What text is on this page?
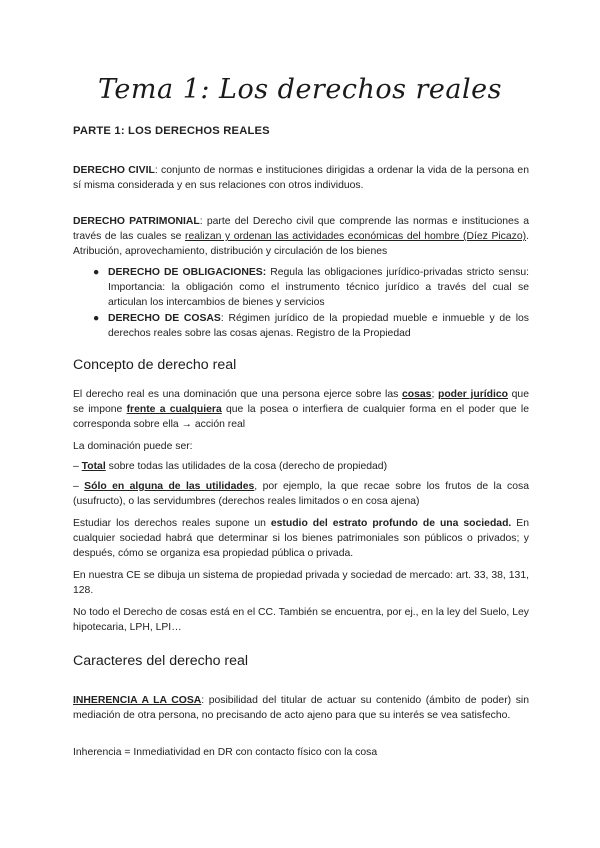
Tema 1: Los derechos reales
PARTE 1: LOS DERECHOS REALES
DERECHO CIVIL: conjunto de normas e instituciones dirigidas a ordenar la vida de la persona en sí misma considerada y en sus relaciones con otros individuos.
DERECHO PATRIMONIAL: parte del Derecho civil que comprende las normas e instituciones a través de las cuales se realizan y ordenan las actividades económicas del hombre (Díez Picazo). Atribución, aprovechamiento, distribución y circulación de los bienes
● DERECHO DE OBLIGACIONES: Regula las obligaciones jurídico-privadas stricto sensu: Importancia: la obligación como el instrumento técnico jurídico a través del cual se articulan los intercambios de bienes y servicios
● DERECHO DE COSAS: Régimen jurídico de la propiedad mueble e inmueble y de los derechos reales sobre las cosas ajenas. Registro de la Propiedad
Concepto de derecho real
El derecho real es una dominación que una persona ejerce sobre las cosas; poder jurídico que se impone frente a cualquiera que la posea o interfiera de cualquier forma en el poder que le corresponda sobre ella → acción real
La dominación puede ser:
– Total sobre todas las utilidades de la cosa (derecho de propiedad)
– Sólo en alguna de las utilidades, por ejemplo, la que recae sobre los frutos de la cosa (usufructo), o las servidumbres (derechos reales limitados o en cosa ajena)
Estudiar los derechos reales supone un estudio del estrato profundo de una sociedad. En cualquier sociedad habrá que determinar si los bienes patrimoniales son públicos o privados; y después, cómo se organiza esa propiedad pública o privada.
En nuestra CE se dibuja un sistema de propiedad privada y sociedad de mercado: art. 33, 38, 131, 128.
No todo el Derecho de cosas está en el CC. También se encuentra, por ej., en la ley del Suelo, Ley hipotecaria, LPH, LPI…
Caracteres del derecho real
INHERENCIA A LA COSA: posibilidad del titular de actuar su contenido (ámbito de poder) sin mediación de otra persona, no precisando de acto ajeno para que su interés se vea satisfecho.
Inherencia = Inmediatividad en DR con contacto físico con la cosa
